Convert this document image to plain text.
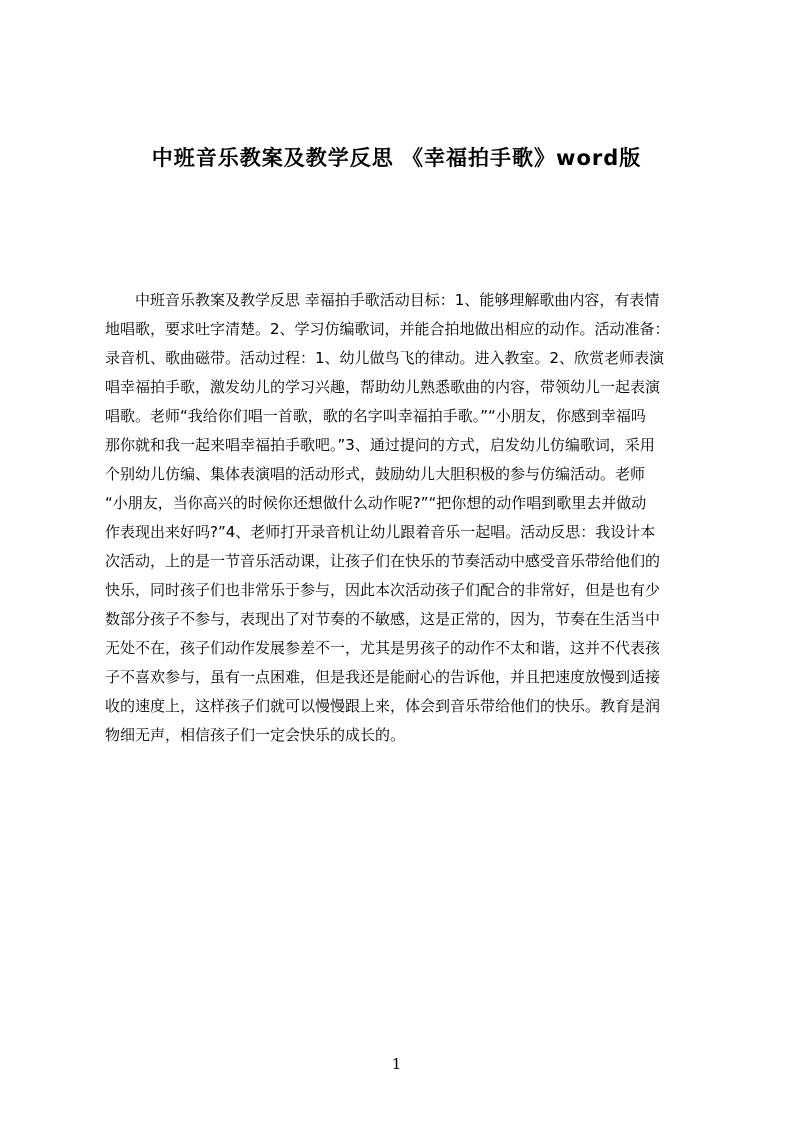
中班音乐教案及教学反思 《幸福拍手歌》word版
　　中班音乐教案及教学反思 幸福拍手歌活动目标：1、能够理解歌曲内容，有表情
地唱歌，要求吐字清楚。2、学习仿编歌词，并能合拍地做出相应的动作。活动准备：
录音机、歌曲磁带。活动过程：1、幼儿做鸟飞的律动。进入教室。2、欣赏老师表演
唱幸福拍手歌，激发幼儿的学习兴趣，帮助幼儿熟悉歌曲的内容，带领幼儿一起表演
唱歌。老师“我给你们唱一首歌，歌的名字叫幸福拍手歌。”“小朋友，你感到幸福吗
那你就和我一起来唱幸福拍手歌吧。”3、通过提问的方式，启发幼儿仿编歌词，采用
个别幼儿仿编、集体表演唱的活动形式，鼓励幼儿大胆积极的参与仿编活动。老师
“小朋友，当你高兴的时候你还想做什么动作呢?”“把你想的动作唱到歌里去并做动
作表现出来好吗?”4、老师打开录音机让幼儿跟着音乐一起唱。活动反思：我设计本
次活动，上的是一节音乐活动课，让孩子们在快乐的节奏活动中感受音乐带给他们的
快乐，同时孩子们也非常乐于参与，因此本次活动孩子们配合的非常好，但是也有少
数部分孩子不参与，表现出了对节奏的不敏感，这是正常的，因为，节奏在生活当中
无处不在，孩子们动作发展参差不一，尤其是男孩子的动作不太和谐，这并不代表孩
子不喜欢参与，虽有一点困难，但是我还是能耐心的告诉他，并且把速度放慢到适接
收的速度上，这样孩子们就可以慢慢跟上来，体会到音乐带给他们的快乐。教育是润
物细无声，相信孩子们一定会快乐的成长的。
1
